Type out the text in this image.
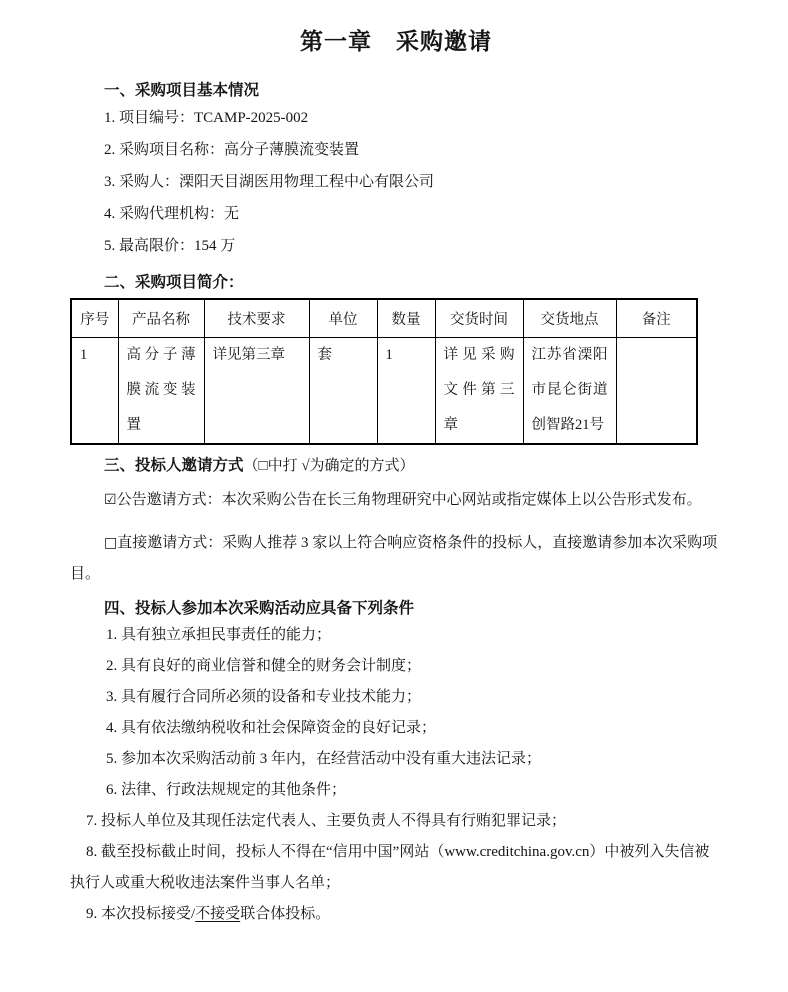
第一章　采购邀请
一、采购项目基本情况

1. 项目编号：TCAMP-2025-002

2. 采购项目名称：高分子薄膜流变装置

3. 采购人：溧阳天目湖医用物理工程中心有限公司

4. 采购代理机构：无

5. 最高限价：154 万

二、采购项目简介：
序号	产品名称	技术要求	单位	数量	交货时间	交货地点	备注
1	高分子薄膜流变装置	详见第三章	套	1	详见采购文件第三章	江苏省溧阳市昆仑街道创智路21号	
三、投标人邀请方式（□中打 √为确定的方式）

☑公告邀请方式：本次采购公告在长三角物理研究中心网站或指定媒体上以公告形式发布。

□直接邀请方式：采购人推荐 3 家以上符合响应资格条件的投标人，直接邀请参加本次采购项目。

四、投标人参加本次采购活动应具备下列条件

1. 具有独立承担民事责任的能力；

2. 具有良好的商业信誉和健全的财务会计制度；

3. 具有履行合同所必须的设备和专业技术能力；

4. 具有依法缴纳税收和社会保障资金的良好记录；

5. 参加本次采购活动前 3 年内，在经营活动中没有重大违法记录；

6. 法律、行政法规规定的其他条件；

7. 投标人单位及其现任法定代表人、主要负责人不得具有行贿犯罪记录；

8. 截至投标截止时间，投标人不得在“信用中国”网站（www.creditchina.gov.cn）中被列入失信被执行人或重大税收违法案件当事人名单；

9. 本次投标接受/不接受联合体投标。
